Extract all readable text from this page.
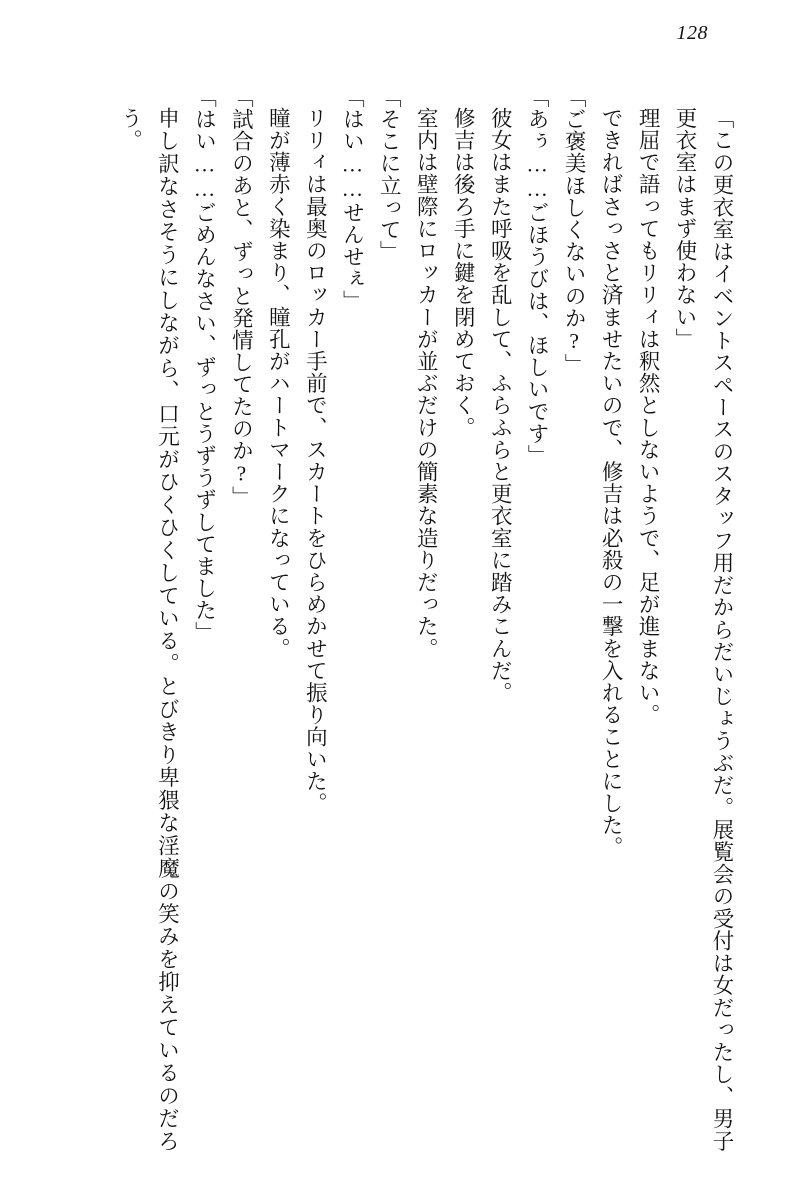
128

「この更衣室はイベントスペースのスタッフ用だからだいじょうぶだ。展覧会の受付は女だったし、男子更衣室はまず使わない」

理屈で語ってもリリィは釈然としないようで、足が進まない。

できればさっさと済ませたいので、修吉は必殺の一撃を入れることにした。

「ご褒美ほしくないのか?」

「あぅ……ごほうびは、ほしいです」

彼女はまた呼吸を乱して、ふらふらと更衣室に踏みこんだ。

修吉は後ろ手に鍵を閉めておく。

室内は壁際にロッカーが並ぶだけの簡素な造りだった。

「そこに立って」

「はい……せんせぇ」

リリィは最奥のロッカー手前で、スカートをひらめかせて振り向いた。

瞳が薄赤く染まり、瞳孔がハートマークになっている。

「試合のあと、ずっと発情してたのか?」

「はい……ごめんなさい、ずっとうずうずしてました」

申し訳なさそうにしながら、口元がひくひくしている。とびきり卑猥な淫魔の笑みを抑えているのだろう。
